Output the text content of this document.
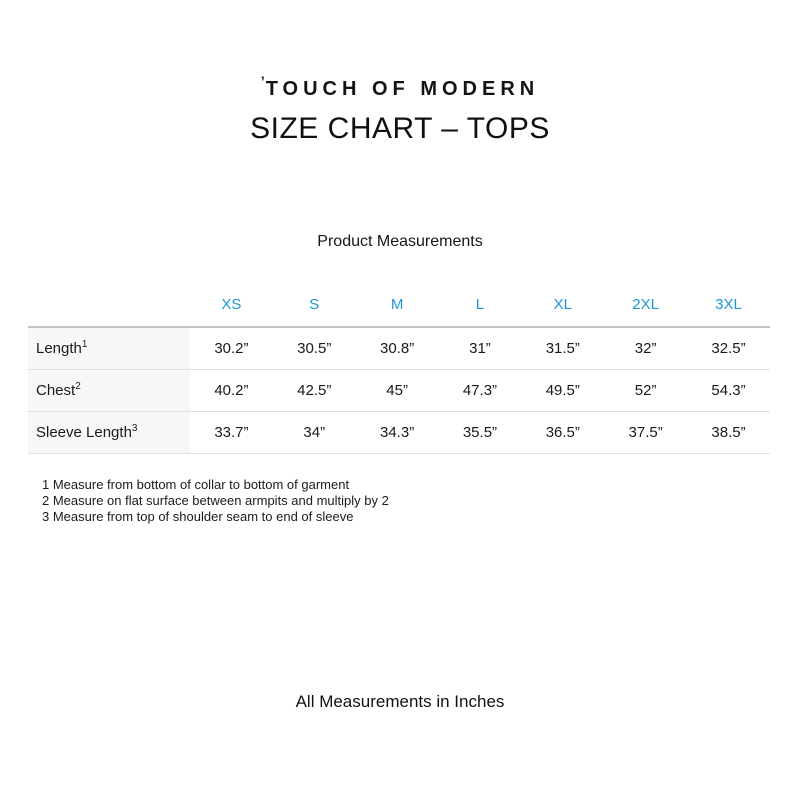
’TOUCH OF MODERN
SIZE CHART – TOPS
Product Measurements
	XS	S	M	L	XL	2XL	3XL
Length$^1$	30.2”	30.5”	30.8”	31”	31.5”	32”	32.5”
Chest$^2$	40.2”	42.5”	45”	47.3”	49.5”	52”	54.3”
Sleeve Length$^3$	33.7”	34”	34.3”	35.5”	36.5”	37.5”	38.5”
1 Measure from bottom of collar to bottom of garment
2 Measure on flat surface between armpits and multiply by 2
3 Measure from top of shoulder seam to end of sleeve
All Measurements in Inches
